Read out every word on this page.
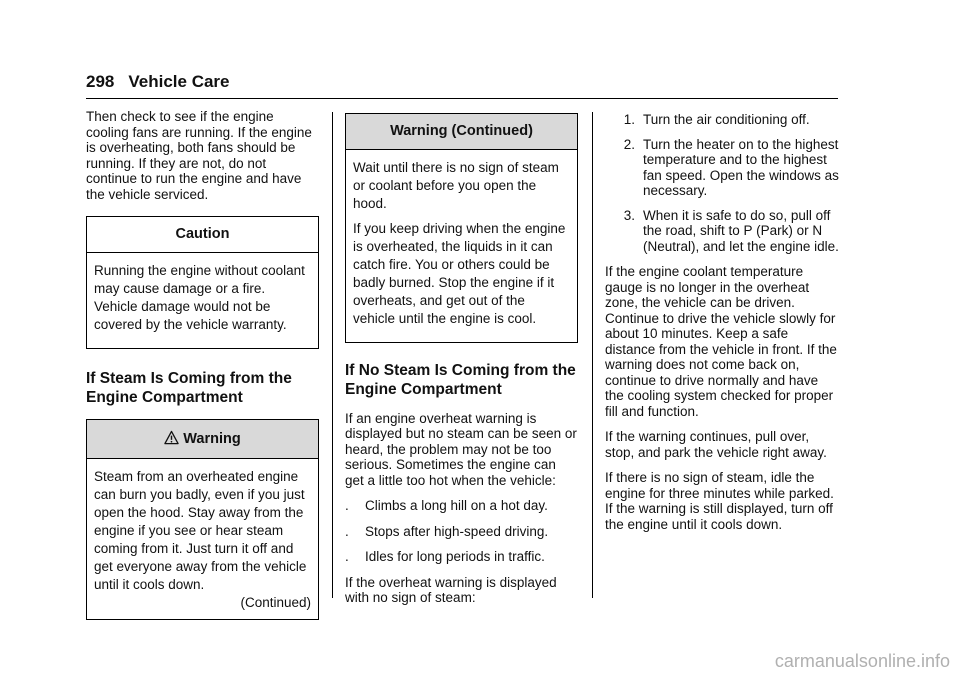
298 Vehicle Care

Then check to see if the engine cooling fans are running. If the engine is overheating, both fans should be running. If they are not, do not continue to run the engine and have the vehicle serviced.

Caution

Running the engine without coolant may cause damage or a fire. Vehicle damage would not be covered by the vehicle warranty.

If Steam Is Coming from the Engine Compartment
Warning

Steam from an overheated engine can burn you badly, even if you just open the hood. Stay away from the engine if you see or hear steam coming from it. Just turn it off and get everyone away from the vehicle until it cools down.

(Continued)
Warning (Continued)

Wait until there is no sign of steam or coolant before you open the hood.

If you keep driving when the engine is overheated, the liquids in it can catch fire. You or others could be badly burned. Stop the engine if it overheats, and get out of the vehicle until the engine is cool.

If No Steam Is Coming from the Engine Compartment

If an engine overheat warning is displayed but no steam can be seen or heard, the problem may not be too serious. Sometimes the engine can get a little too hot when the vehicle:

. Climbs a long hill on a hot day.
. Stops after high-speed driving.
. Idles for long periods in traffic.

If the overheat warning is displayed with no sign of steam:

1. Turn the air conditioning off.
2. Turn the heater on to the highest temperature and to the highest fan speed. Open the windows as necessary.
3. When it is safe to do so, pull off the road, shift to P (Park) or N (Neutral), and let the engine idle.

If the engine coolant temperature gauge is no longer in the overheat zone, the vehicle can be driven. Continue to drive the vehicle slowly for about 10 minutes. Keep a safe distance from the vehicle in front. If the warning does not come back on, continue to drive normally and have the cooling system checked for proper fill and function.

If the warning continues, pull over, stop, and park the vehicle right away.

If there is no sign of steam, idle the engine for three minutes while parked. If the warning is still displayed, turn off the engine until it cools down.

carmanualsonline.info
